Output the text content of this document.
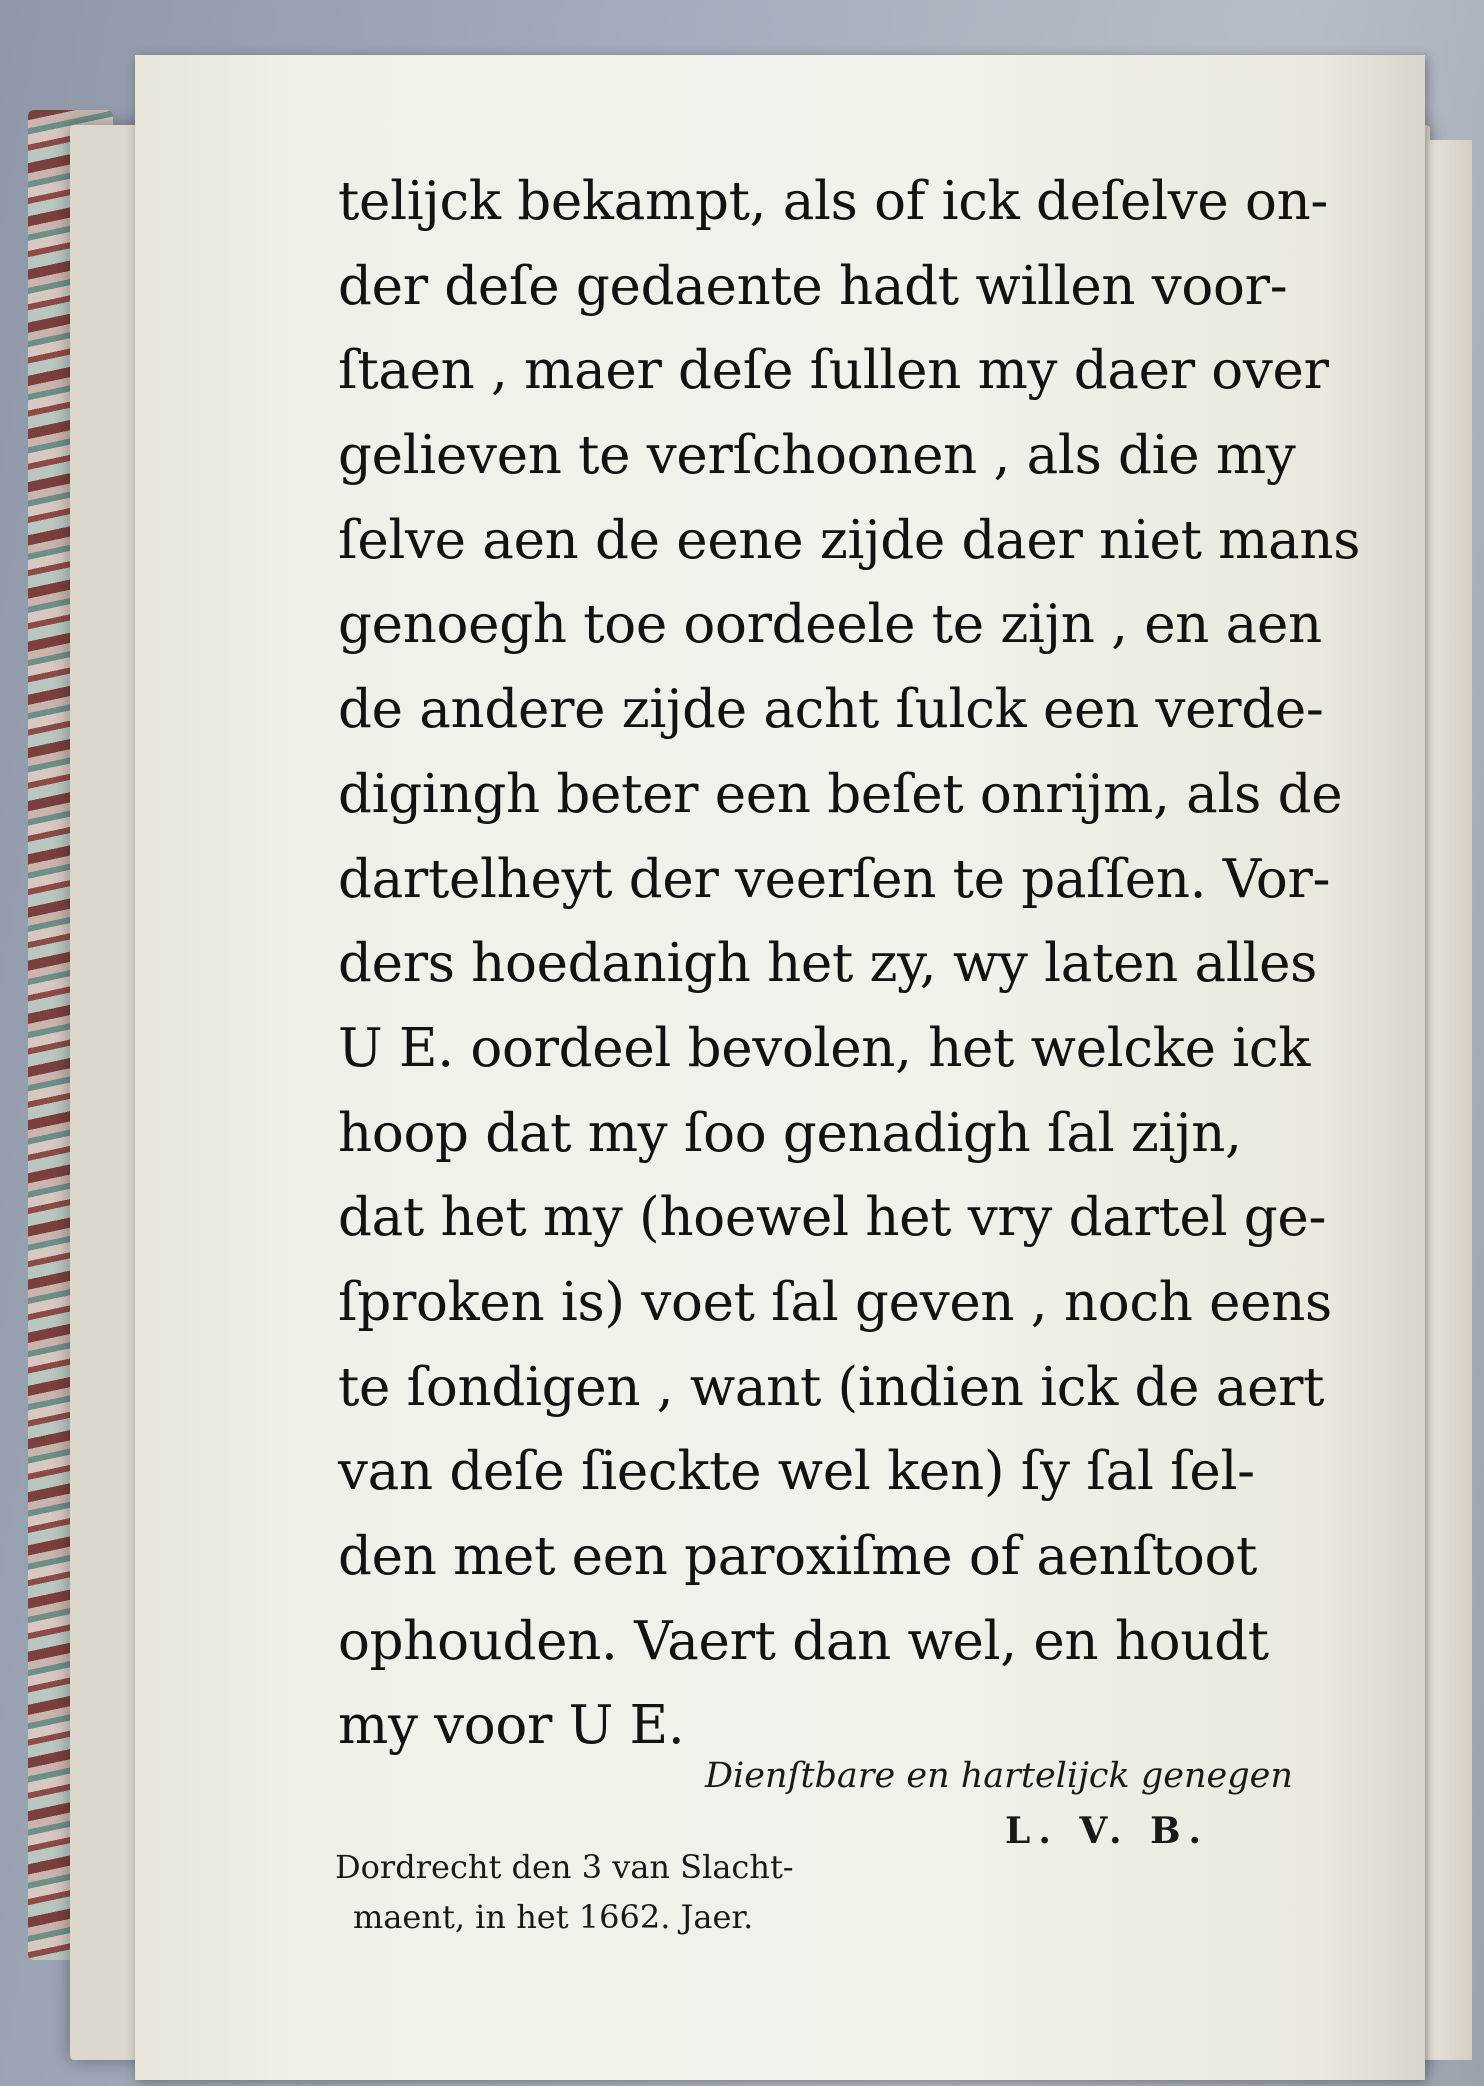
telijck bekampt, als of ick deſelve on-
der deſe gedaente hadt willen voor-
ſtaen , maer deſe ſullen my daer over
gelieven te verſchoonen , als die my
ſelve aen de eene zijde daer niet mans
genoegh toe oordeele te zijn , en aen
de andere zijde acht ſulck een verde-
digingh beter een beſet onrijm, als de
dartelheyt der veerſen te paſſen. Vor-
ders hoedanigh het zy, wy laten alles
U E. oordeel bevolen, het welcke ick
hoop dat my ſoo genadigh ſal zijn,
dat het my (hoewel het vry dartel ge-
ſproken is) voet ſal geven , noch eens
te ſondigen , want (indien ick de aert
van deſe ſieckte wel ken) ſy ſal ſel-
den met een paroxiſme of aenſtoot
ophouden. Vaert dan wel, en houdt
my voor U E.
Dienſtbare en hartelijck genegen
L. V. B.
Dordrecht den 3 van Slacht-
maent, in het 1662. Jaer.
